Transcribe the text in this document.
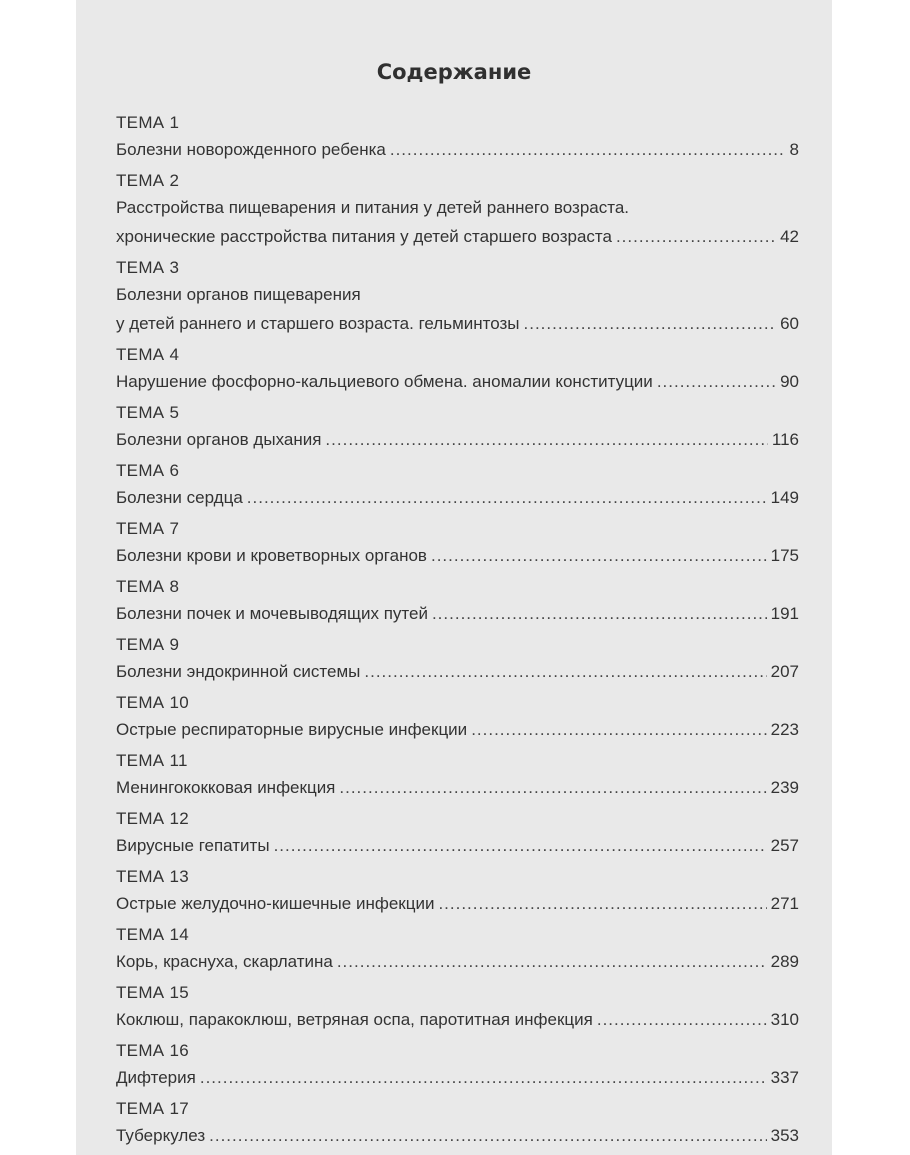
Содержание
ТЕМА 1
Болезни новорожденного ребенка .....	8
ТЕМА 2
Расстройства пищеварения и питания у детей раннего возраста.
хронические расстройства питания у детей старшего возраста .....	42
ТЕМА 3
Болезни органов пищеварения
у детей раннего и старшего возраста. гельминтозы .....	60
ТЕМА 4
Нарушение фосфорно-кальциевого обмена. аномалии конституции .....	90
ТЕМА 5
Болезни органов дыхания .....	116
ТЕМА 6
Болезни сердца .....	149
ТЕМА 7
Болезни крови и кроветворных органов .....	175
ТЕМА 8
Болезни почек и мочевыводящих путей .....	191
ТЕМА 9
Болезни эндокринной системы .....	207
ТЕМА 10
Острые респираторные вирусные инфекции .....	223
ТЕМА 11
Менингококковая инфекция .....	239
ТЕМА 12
Вирусные гепатиты .....	257
ТЕМА 13
Острые желудочно-кишечные инфекции .....	271
ТЕМА 14
Корь, краснуха, скарлатина .....	289
ТЕМА 15
Коклюш, паракоклюш, ветряная оспа, паротитная инфекция .....	310
ТЕМА 16
Дифтерия .....	337
ТЕМА 17
Туберкулез .....	353
